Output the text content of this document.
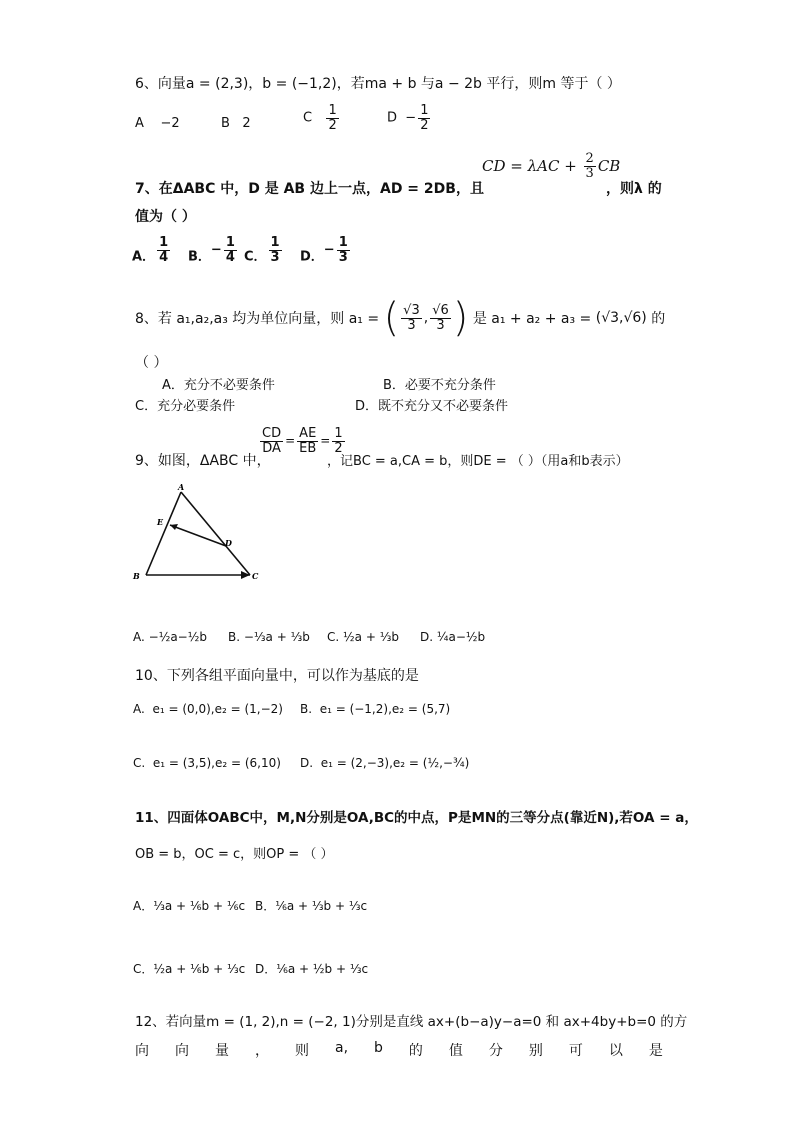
6、向量a = (2,3)，b = (−1,2)，若ma + b 与a − 2b 平行，则m 等于（ ）
A −2	B 2	C $\frac{1}{2}$	$D - \frac{1}{2}$
CD = $\lambda AC + \frac{2}{3}$ CB
7、在ΔABC 中，D 是 AB 边上一点，AD = 2DB，且	，则λ 的
值为（ ）
A． $\frac{1}{4}$ B．− $\frac{1}{4}$ C． $\frac{1}{3}$ D．− $\frac{1}{3}$
8、若 a₁,a₂,a₃ 均为单位向量，则 a₁ = ( $\frac{√3}{3}$ , $\frac{√6}{3}$ ) 是 a₁ + a₂ + a₃ = (√3,√6) 的
（ ）
A．充分不必要条件	B．必要不充分条件
C．充分必要条件	D．既不充分又不必要条件
$\frac{CD}{DA} = \frac{AE}{EB} = \frac{1}{2}$
9、如图，ΔABC 中，	，记BC = a,CA = b，则DE = （ ）（用a和b表示）
A
E
D
B	C
A. −½a−½b B. −⅓a + ⅓b C. ½a + ⅓b D. ¼a−½b
10、下列各组平面向量中，可以作为基底的是
A. e₁ = (0,0),e₂ = (1,−2) B. e₁ = (−1,2),e₂ = (5,7)
C. e₁ = (3,5),e₂ = (6,10) D. e₁ = (2,−3),e₂ = (½,−¾)
11、四面体OABC中，M,N分别是OA,BC的中点，P是MN的三等分点(靠近N),若OA = a，
OB = b，OC = c，则OP = （ ）
A．⅓a + ⅙b + ⅙c B．⅙a + ⅓b + ⅓c
C．½a + ⅙b + ⅓c D．⅙a + ½b + ⅓c
12、若向量m = (1, 2),n = (−2, 1)分别是直线 ax+(b−a)y−a=0 和 ax+4by+b=0 的方
向 向 量 ， 则 a, b 的 值 分 别 可 以 是
